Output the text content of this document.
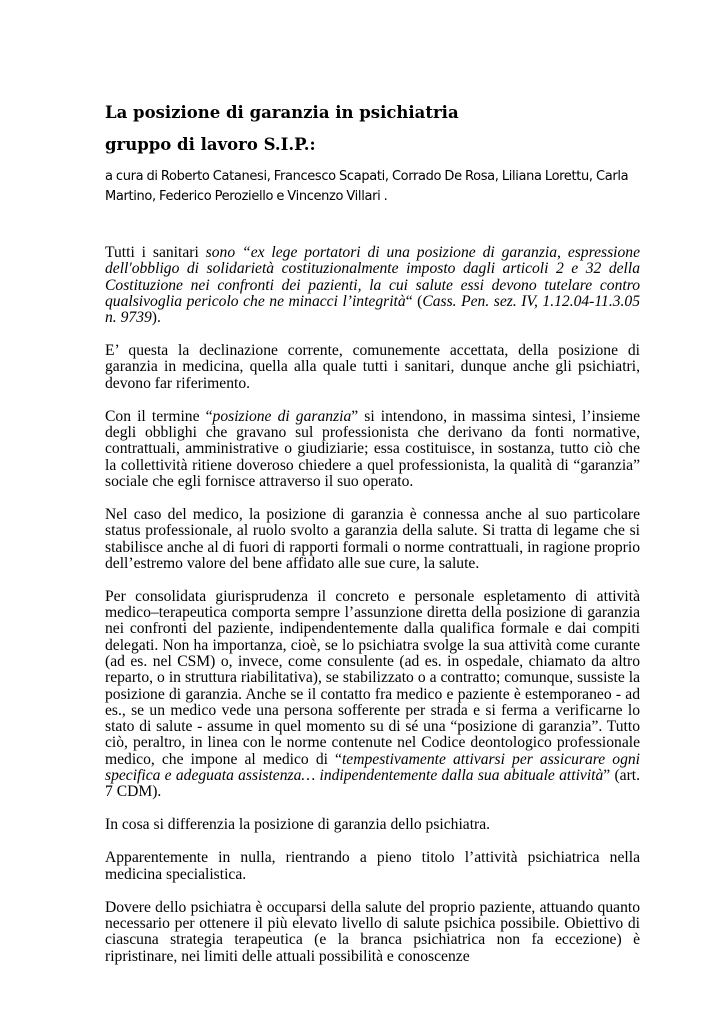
La posizione di garanzia in psichiatria
gruppo di lavoro S.I.P.:

a cura di Roberto Catanesi, Francesco Scapati, Corrado De Rosa, Liliana Lorettu, Carla Martino, Federico Peroziello e Vincenzo Villari .

Tutti i sanitari sono “ex lege portatori di una posizione di garanzia, espressione dell'obbligo di solidarietà costituzionalmente imposto dagli articoli 2 e 32 della Costituzione nei confronti dei pazienti, la cui salute essi devono tutelare contro qualsivoglia pericolo che ne minacci l’integrità“ (Cass. Pen. sez. IV, 1.12.04-11.3.05 n. 9739).

E’ questa la declinazione corrente, comunemente accettata, della posizione di garanzia in medicina, quella alla quale tutti i sanitari, dunque anche gli psichiatri, devono far riferimento.

Con il termine “posizione di garanzia” si intendono, in massima sintesi, l’insieme degli obblighi che gravano sul professionista che derivano da fonti normative, contrattuali, amministrative o giudiziarie; essa costituisce, in sostanza, tutto ciò che la collettività ritiene doveroso chiedere a quel professionista, la qualità di “garanzia” sociale che egli fornisce attraverso il suo operato.

Nel caso del medico, la posizione di garanzia è connessa anche al suo particolare status professionale, al ruolo svolto a garanzia della salute. Si tratta di legame che si stabilisce anche al di fuori di rapporti formali o norme contrattuali, in ragione proprio dell’estremo valore del bene affidato alle sue cure, la salute.

Per consolidata giurisprudenza il concreto e personale espletamento di attività medico–terapeutica comporta sempre l’assunzione diretta della posizione di garanzia nei confronti del paziente, indipendentemente dalla qualifica formale e dai compiti delegati. Non ha importanza, cioè, se lo psichiatra svolge la sua attività come curante (ad es. nel CSM) o, invece, come consulente (ad es. in ospedale, chiamato da altro reparto, o in struttura riabilitativa), se stabilizzato o a contratto; comunque, sussiste la posizione di garanzia. Anche se il contatto fra medico e paziente è estemporaneo - ad es., se un medico vede una persona sofferente per strada e si ferma a verificarne lo stato di salute - assume in quel momento su di sé una “posizione di garanzia”. Tutto ciò, peraltro, in linea con le norme contenute nel Codice deontologico professionale medico, che impone al medico di “tempestivamente attivarsi per assicurare ogni specifica e adeguata assistenza… indipendentemente dalla sua abituale attività” (art. 7 CDM).

In cosa si differenzia la posizione di garanzia dello psichiatra.

Apparentemente in nulla, rientrando a pieno titolo l’attività psichiatrica nella medicina specialistica.

Dovere dello psichiatra è occuparsi della salute del proprio paziente, attuando quanto necessario per ottenere il più elevato livello di salute psichica possibile. Obiettivo di ciascuna strategia terapeutica (e la branca psichiatrica non fa eccezione) è ripristinare, nei limiti delle attuali possibilità e conoscenze
